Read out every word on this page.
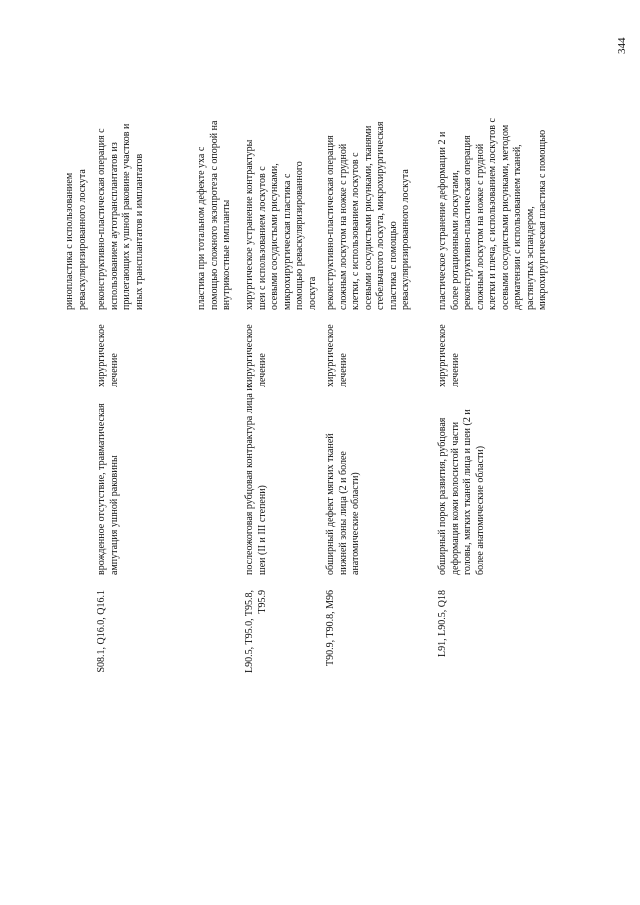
344
ринопластика с использованием реваскуляризированного лоскута
S08.1, Q16.0, Q16.1
врожденное отсутствие, травматическая ампутация ушной раковины
хирургическое лечение
реконструктивно-пластическая операция с использованием аутотрансплантатов из прилегающих к ушной раковине участков и иных трансплантатов и имплантатов	пластика при тотальном дефекте уха с помощью сложного экзопротеза с опорой на внутрикостные импланты
L90.5, T95.0, T95.8, T95.9
послеожоговая рубцовая контрактура лица и шеи (II и III степени)
хирургическое лечение
хирургическое устранение контрактуры шеи с использованием лоскутов с осевыми сосудистыми рисунками, микрохирургическая пластика с помощью реваскуляризированного лоскута
T90.9, T90.8, M96
обширный дефект мягких тканей нижней зоны лица (2 и более анатомические области)
хирургическое лечение
реконструктивно-пластическая операция сложным лоскутом на ножке с грудной клетки, с использованием лоскутов с осевыми сосудистыми рисунками, тканями стебельчатого лоскута, микрохирургическая пластика с помощью реваскуляризированного лоскута
L91, L90.5, Q18
обширный порок развития, рубцовая деформация кожи волосистой части головы, мягких тканей лица и шеи (2 и более анатомические области)
хирургическое лечение
пластическое устранение деформации 2 и более ротационными лоскутами, реконструктивно-пластическая операция сложным лоскутом на ножке с грудной клетки и плеча, с использованием лоскутов с осевыми сосудистыми рисунками, методом дерматензии с использованием тканей, растянутых эспандером, микрохирургическая пластика с помощью
